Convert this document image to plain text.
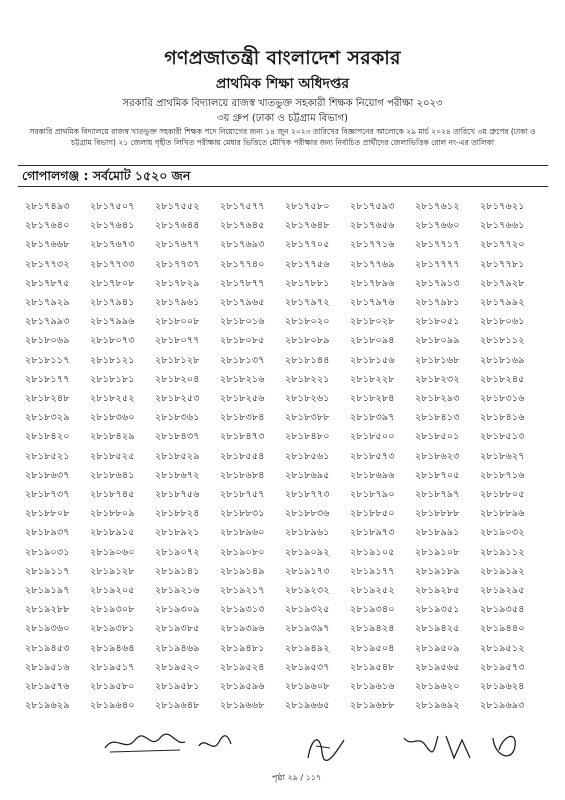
গণপ্রজাতন্ত্রী বাংলাদেশ সরকার
প্রাথমিক শিক্ষা অধিদপ্তর
সরকারি প্রাথমিক বিদ্যালয়ে রাজস্ব খাতভুক্ত সহকারী শিক্ষক নিয়োগ পরীক্ষা ২০২৩
৩য় গ্রুপ (ঢাকা ও চট্টগ্রাম বিভাগ)
সরকারি প্রাথমিক বিদ্যালয়ে রাজস্ব খাতভুক্ত সহকারী শিক্ষক পদে নিয়োগের জন্য ১৪ জুন ২০২৩ তারিখের বিজ্ঞাপনের আলোকে ২৯ মার্চ ২০২৪ তারিখে ৩য় গ্রুপের (ঢাকা ও চট্টগ্রাম বিভাগ) ২১ জেলায় গৃহীত লিখিত পরীক্ষায় মেধার ভিত্তিতে মৌখিক পরীক্ষার জন্য নির্বাচিত প্রার্থীদের জেলাভিত্তিক রোল নং-এর তালিকা
গোপালগঞ্জ : সর্বমোট ১৫২০ জন
২৮১৭৪৯৩	২৮১৭৫০৭	২৮১৭৫৫২	২৮১৭৫৭৭	২৮১৭৫৮০	২৮১৭৫৯৩	২৮১৭৬১২	২৮১৭৬২১
২৮১৭৬৪০	২৮১৭৬৪১	২৮১৭৬৪৪	২৮১৭৬৪৫	২৮১৭৬৪৮	২৮১৭৬৫৬	২৮১৭৬৬০	২৮১৭৬৬১
২৮১৭৬৬৮	২৮১৭৬৭৩	২৮১৭৬৭৭	২৮১৭৬৯৩	২৮১৭৭০৫	২৮১৭৭১৬	২৮১৭৭১৭	২৮১৭৭২০
২৮১৭৭৩২	২৮১৭৭৩৩	২৮১৭৭৩৭	২৮১৭৭৪০	২৮১৭৭৫৬	২৮১৭৭৬৯	২৮১৭৭৭৭	২৮১৭৭৮১
২৮১৭৮৭৫	২৮১৭৮০৮	২৮১৭৮২৯	২৮১৭৮৭৭	২৮১৭৮৮১	২৮১৭৮৯৬	২৮১৭৯১৩	২৮১৭৯২৮
২৮১৭৯২৯	২৮১৭৯৪১	২৮১৭৯৬১	২৮১৭৯৬৫	২৮১৭৯৭২	২৮১৭৯৭৬	২৮১৭৯৮১	২৮১৭৯৯২
২৮১৭৯৯৩	২৮১৭৯৯৬	২৮১৮০০৮	২৮১৮০১৬	২৮১৮০২০	২৮১৮০২৮	২৮১৮০৫১	২৮১৮০৬১
২৮১৮০৬৯	২৮১৮০৭৩	২৮১৮০৭৭	২৮১৮০৮৫	২৮১৮০৮৯	২৮১৮০৯৪	২৮১৮০৯৯	২৮১৮১১২
২৮১৮১১৭	২৮১৮১২১	২৮১৮১২৮	২৮১৮১৩৭	২৮১৮১৪৪	২৮১৮১৫৬	২৮১৮১৬৮	২৮১৮১৬৯
২৮১৮১৭৭	২৮১৮১৮১	২৮১৮২০৪	২৮১৮২১৬	২৮১৮২২১	২৮১৮২২৮	২৮১৮২৩২	২৮১৮২৪৫
২৮১৮২৪৮	২৮১৮২৫২	২৮১৮২৫৩	২৮১৮২৫৬	২৮১৮২৬১	২৮১৮২৮৪	২৮১৮২৯৩	২৮১৮৩১৬
২৮১৮৩২৯	২৮১৮৩৬০	২৮১৮৩৬১	২৮১৮৩৮৪	২৮১৮৩৮৮	২৮১৮৩৯৭	২৮১৮৪১৩	২৮১৮৪১৬
২৮১৮৪২০	২৮১৮৪২৯	২৮১৮৪৩৭	২৮১৮৪৭৩	২৮১৮৪৮০	২৮১৮৫০০	২৮১৮৫০১	২৮১৮৫১৩
২৮১৮৫২১	২৮১৮৫২৫	২৮১৮৫২৯	২৮১৮৫৫৪	২৮১৮৫৬১	২৮১৮৫৭৩	২৮১৮৬২৩	২৮১৮৬২৭
২৮১৮৬৩৭	২৮১৮৬৪১	২৮১৮৬৭২	২৮১৮৬৮৪	২৮১৮৬৯৫	২৮১৮৬৯৬	২৮১৮৭০৫	২৮১৮৭১৬
২৮১৮৭৩৭	২৮১৮৭৪৫	২৮১৮৭৫৬	২৮১৮৭৫৭	২৮১৮৭৭৩	২৮১৮৭৯০	২৮১৮৭৯৭	২৮১৮৮০৫
২৮১৮৮০৮	২৮১৮৮০৯	২৮১৮৮২৪	২৮১৮৮৩১	২৮১৮৮৩৬	২৮১৮৮৫০	২৮১৮৮৮৮	২৮১৮৮৯৬
২৮১৮৯৩৭	২৮১৮৯১৫	২৮১৮৯২১	২৮১৮৯৬০	২৮১৮৯৬১	২৮১৮৯৭৩	২৮১৮৯৯১	২৮১৯০৩২
২৮১৯০৩১	২৮১৯০৬০	২৮১৯০৭২	২৮১৯০৮০	২৮১৯০৯২	২৮১৯১০৫	২৮১৯১০৮	২৮১৯১১২
২৮১৯১১৭	২৮১৯১২৮	২৮১৯১৪১	২৮১৯১৪৯	২৮১৯১৭৩	২৮১৯১৭৭	২৮১৯১৮৯	২৮১৯১৯২
২৮১৯১৯৭	২৮১৯২০৫	২৮১৯২১৬	২৮১৯২১৭	২৮১৯২৩২	২৮১৯২৫২	২৮১৯২৮৫	২৮১৯২৯৫
২৮১৯২৮৮	২৮১৯৩০৮	২৮১৯৩০৯	২৮১৯৩১৩	২৮১৯৩২৫	২৮১৯৩৪০	২৮১৯৩৫১	২৮১৯৩৫৪
২৮১৯৩৬০	২৮১৯৩৮১	২৮১৯৩৮৫	২৮১৯৩৯৬	২৮১৯৩৯৭	২৮১৯৪২৪	২৮১৯৪২৫	২৮১৯৪৪০
২৮১৯৪৫৩	২৮১৯৪৬৪	২৮১৯৪৬৯	২৮১৯৪৮১	২৮১৯৪৯২	২৮১৯৫০৪	২৮১৯৫০৯	২৮১৯৫১২
২৮১৯৫১৬	২৮১৯৫১৭	২৮১৯৫২০	২৮১৯৫২৪	২৮১৯৫৩৭	২৮১৯৫৪৮	২৮১৯৫৬৫	২৮১৯৫৭৩
২৮১৯৫৭৬	২৮১৯৫৮০	২৮১৯৫৮১	২৮১৯৫৯৬	২৮১৯৬০৮	২৮১৯৬১৬	২৮১৯৬২০	২৮১৯৬২৪
২৮১৯৬২৯	২৮১৯৬৪০	২৮১৯৬৪৮	২৮১৯৬৬৮	২৮১৯৬৬৫	২৮১৯৬৮৮	২৮১৯৬৯২	২৮১৯৬৯৩
পৃষ্ঠা ২৯ / ১১৭
